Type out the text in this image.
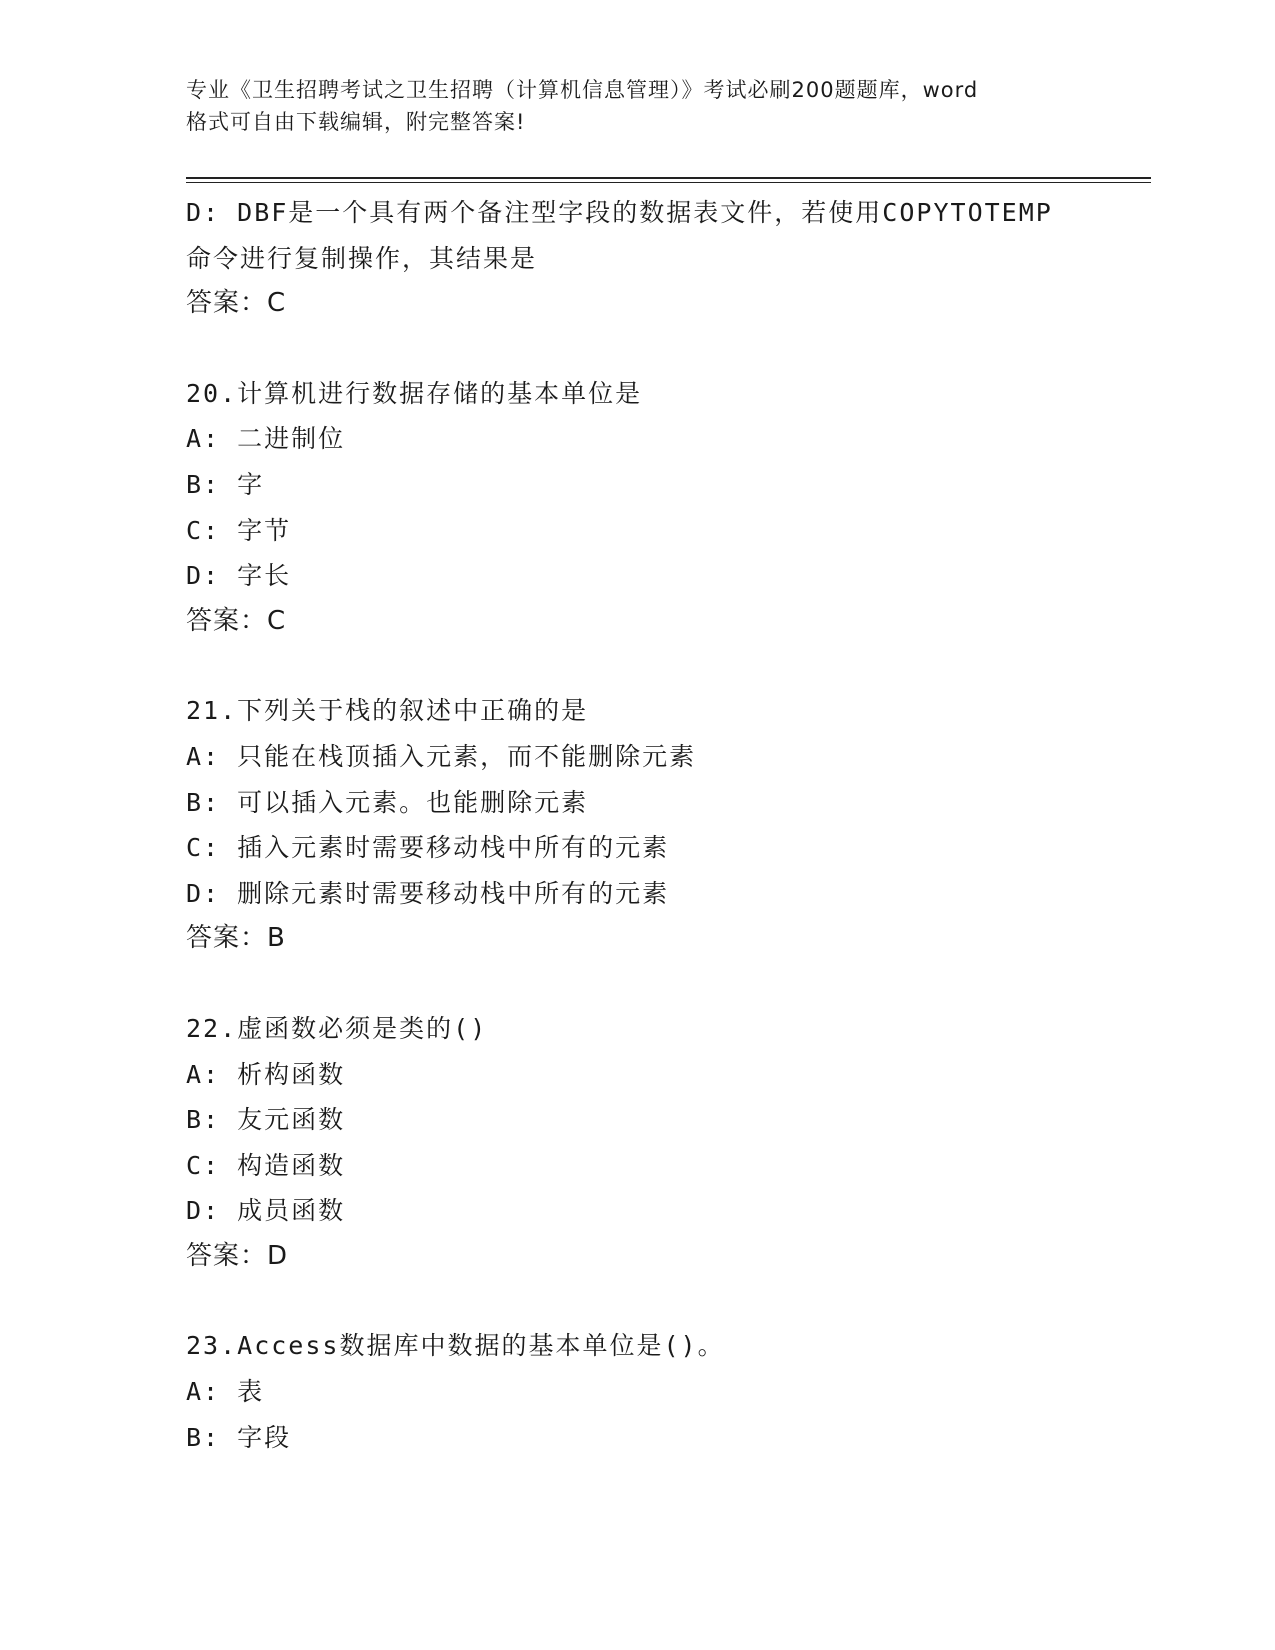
专业《卫生招聘考试之卫生招聘（计算机信息管理）》考试必刷200题题库，word
格式可自由下载编辑，附完整答案!
D: DBF是一个具有两个备注型字段的数据表文件，若使用COPYTOTEMP
命令进行复制操作，其结果是
答案：C
20.计算机进行数据存储的基本单位是
A: 二进制位
B: 字
C: 字节
D: 字长
答案：C
21.下列关于栈的叙述中正确的是
A: 只能在栈顶插入元素，而不能删除元素
B: 可以插入元素。也能删除元素
C: 插入元素时需要移动栈中所有的元素
D: 删除元素时需要移动栈中所有的元素
答案：B
22.虚函数必须是类的()
A: 析构函数
B: 友元函数
C: 构造函数
D: 成员函数
答案：D
23.Access数据库中数据的基本单位是()。
A: 表
B: 字段
